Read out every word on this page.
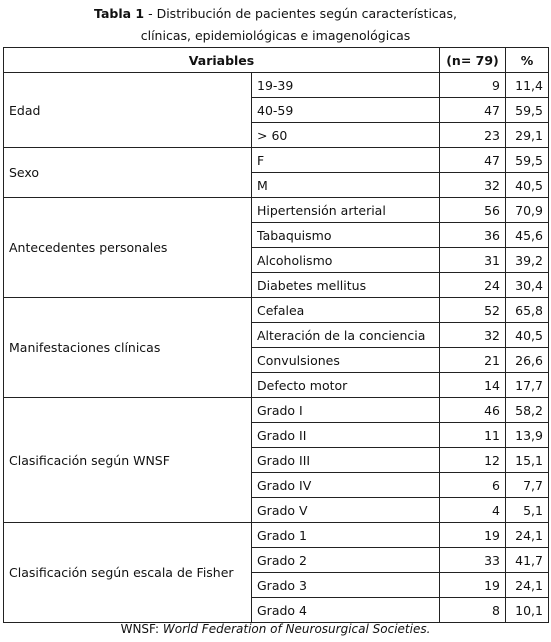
Tabla 1 - Distribución de pacientes según características,
clínicas, epidemiológicas e imagenológicas
Variables		(n= 79)	%
Edad	19-39	9	11,4
	40-59	47	59,5
	> 60	23	29,1
Sexo	F	47	59,5
	M	32	40,5
Antecedentes personales	Hipertensión arterial	56	70,9
	Tabaquismo	36	45,6
	Alcoholismo	31	39,2
	Diabetes mellitus	24	30,4
Manifestaciones clínicas	Cefalea	52	65,8
	Alteración de la conciencia	32	40,5
	Convulsiones	21	26,6
	Defecto motor	14	17,7
Clasificación según WNSF	Grado I	46	58,2
	Grado II	11	13,9
	Grado III	12	15,1
	Grado IV	6	7,7
	Grado V	4	5,1
Clasificación según escala de Fisher	Grado 1	19	24,1
	Grado 2	33	41,7
	Grado 3	19	24,1
	Grado 4	8	10,1
WNSF: World Federation of Neurosurgical Societies.
